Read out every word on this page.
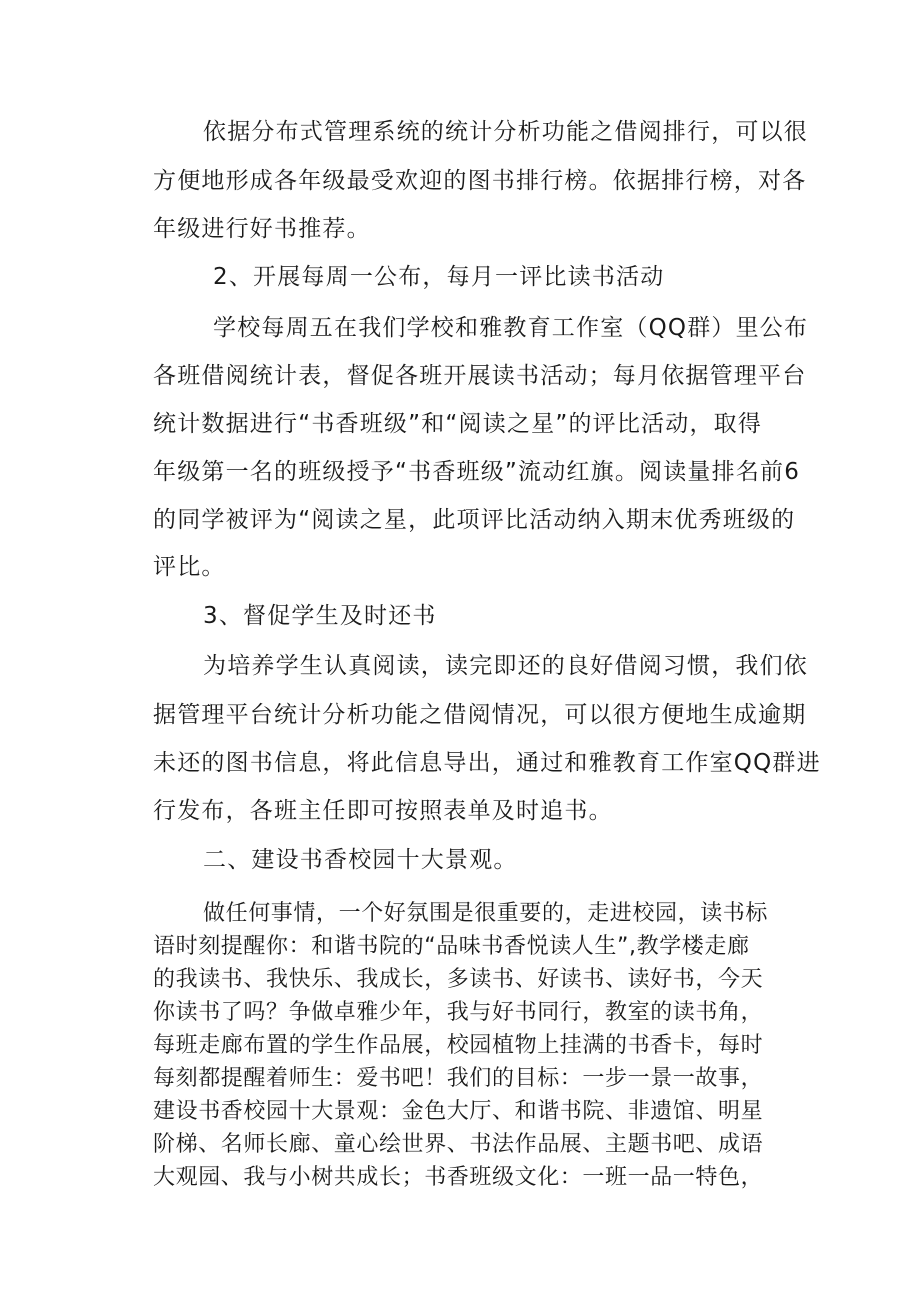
依据分布式管理系统的统计分析功能之借阅排行，可以很
方便地形成各年级最受欢迎的图书排行榜。依据排行榜，对各
年级进行好书推荐。
2、开展每周一公布，每月一评比读书活动
学校每周五在我们学校和雅教育工作室（QQ群）里公布
各班借阅统计表，督促各班开展读书活动；每月依据管理平台
统计数据进行“书香班级”和“阅读之星”的评比活动，取得
年级第一名的班级授予“书香班级”流动红旗。阅读量排名前6
的同学被评为“阅读之星，此项评比活动纳入期末优秀班级的
评比。
3、督促学生及时还书
为培养学生认真阅读，读完即还的良好借阅习惯，我们依
据管理平台统计分析功能之借阅情况，可以很方便地生成逾期
未还的图书信息，将此信息导出，通过和雅教育工作室QQ群进
行发布，各班主任即可按照表单及时追书。
二、建设书香校园十大景观。
做任何事情，一个好氛围是很重要的，走进校园，读书标
语时刻提醒你：和谐书院的“品味书香悦读人生”,教学楼走廊
的我读书、我快乐、我成长，多读书、好读书、读好书，今天
你读书了吗？争做卓雅少年，我与好书同行，教室的读书角，
每班走廊布置的学生作品展，校园植物上挂满的书香卡，每时
每刻都提醒着师生：爱书吧！我们的目标：一步一景一故事，
建设书香校园十大景观：金色大厅、和谐书院、非遗馆、明星
阶梯、名师长廊、童心绘世界、书法作品展、主题书吧、成语
大观园、我与小树共成长；书香班级文化：一班一品一特色，
